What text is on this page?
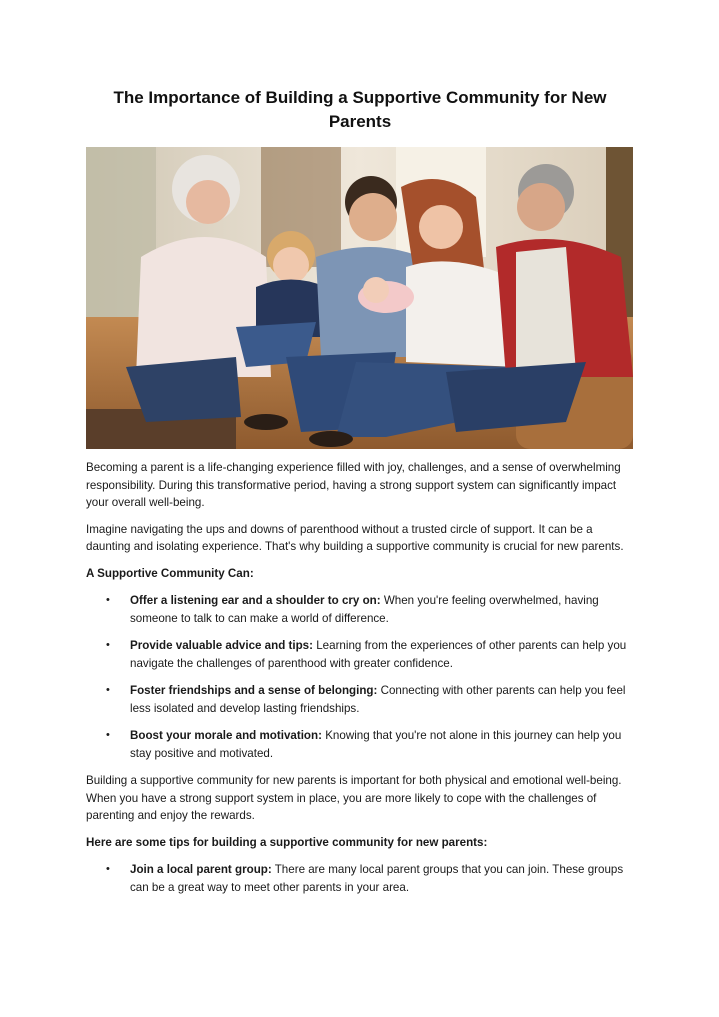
The Importance of Building a Supportive Community for New Parents

Becoming a parent is a life-changing experience filled with joy, challenges, and a sense of overwhelming responsibility. During this transformative period, having a strong support system can significantly impact your overall well-being.

Imagine navigating the ups and downs of parenthood without a trusted circle of support. It can be a daunting and isolating experience. That's why building a supportive community is crucial for new parents.

A Supportive Community Can:
• Offer a listening ear and a shoulder to cry on: When you're feeling overwhelmed, having someone to talk to can make a world of difference.
• Provide valuable advice and tips: Learning from the experiences of other parents can help you navigate the challenges of parenthood with greater confidence.
• Foster friendships and a sense of belonging: Connecting with other parents can help you feel less isolated and develop lasting friendships.
• Boost your morale and motivation: Knowing that you're not alone in this journey can help you stay positive and motivated.

Building a supportive community for new parents is important for both physical and emotional well-being. When you have a strong support system in place, you are more likely to cope with the challenges of parenting and enjoy the rewards.

Here are some tips for building a supportive community for new parents:
• Join a local parent group: There are many local parent groups that you can join. These groups can be a great way to meet other parents in your area.
